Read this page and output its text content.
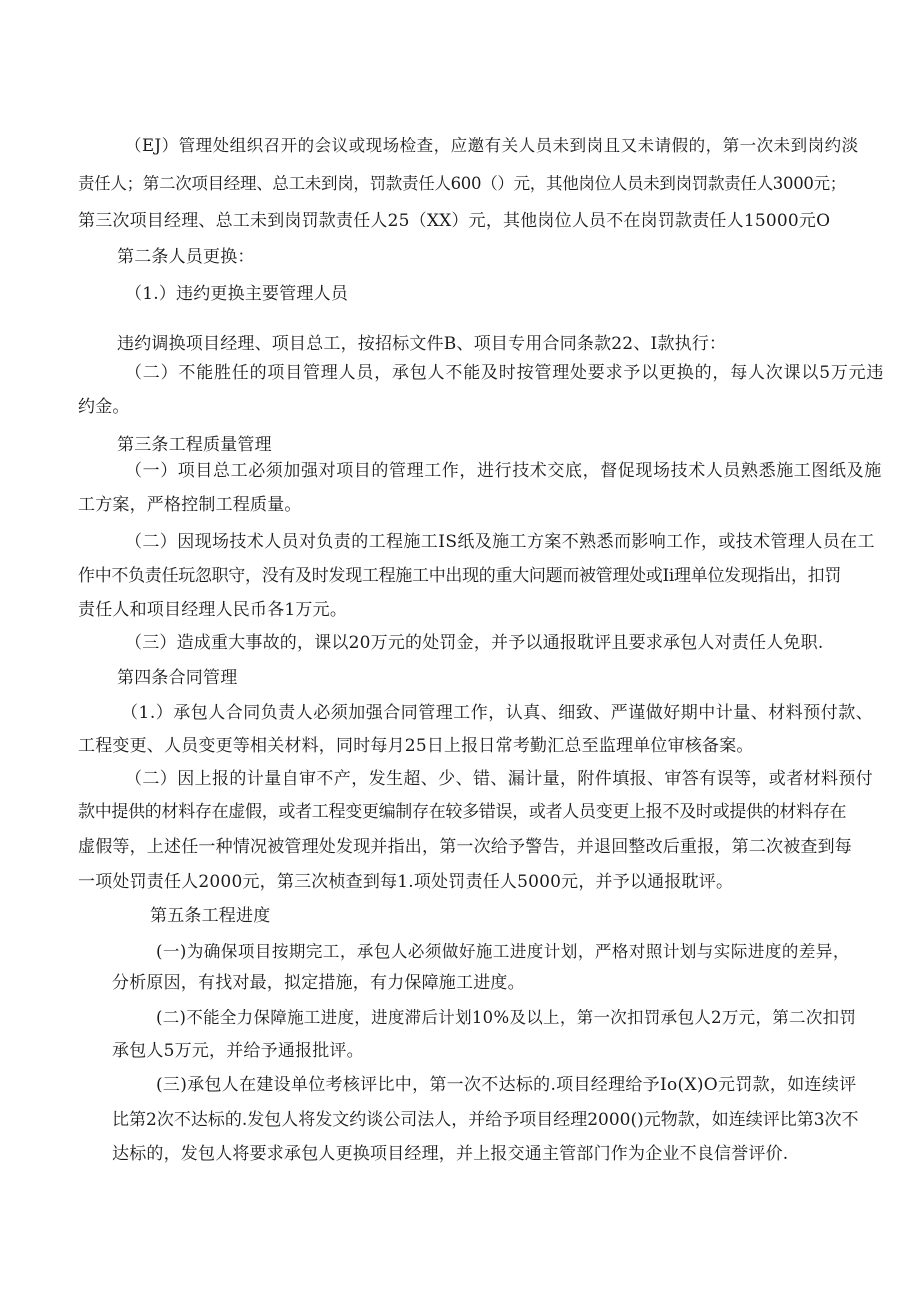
（EJ）管理处组织召开的会议或现场检查，应邀有关人员未到岗且又未请假的，第一次未到岗约淡
责任人；第二次项目经理、总工未到岗，罚款责任人600（）元，其他岗位人员未到岗罚款责任人3000元；
第三次项目经理、总工未到岗罚款责任人25（XX）元，其他岗位人员不在岗罚款责任人15000元O
第二条人员更换：
（1.）违约更换主要管理人员
违约调换项目经理、项目总工，按招标文件B、项目专用合同条款22、I款执行：
（二）不能胜任的项目管理人员，承包人不能及时按管理处要求予以更换的，每人次课以5万元违
约金。
第三条工程质量管理
（一）项目总工必须加强对项目的管理工作，进行技术交底，督促现场技术人员熟悉施工图纸及施
工方案，严格控制工程质量。
（二）因现场技术人员对负责的工程施工IS纸及施工方案不熟悉而影响工作，或技术管理人员在工
作中不负责任玩忽职守，没有及时发现工程施工中出现的重大问题而被管理处或Ii理单位发现指出，扣罚
责任人和项目经理人民币各1万元。
（三）造成重大事故的，课以20万元的处罚金，并予以通报耽评且要求承包人对责任人免职.
第四条合同管理
（1.）承包人合同负责人必须加强合同管理工作，认真、细致、严谨做好期中计量、材料预付款、
工程变更、人员变更等相关材料，同时每月25日上报日常考勤汇总至监理单位审核备案。
（二）因上报的计量自审不产，发生超、少、错、漏计量，附件填报、审答有误等，或者材料预付
款中提供的材料存在虚假，或者工程变更编制存在较多错误，或者人员变更上报不及时或提供的材料存在
虚假等，上述任一种情况被管理处发现并指出，第一次给予警告，并退回整改后重报，第二次被查到每
一项处罚责任人2000元，第三次桢查到每1.项处罚责任人5000元，并予以通报耽评。
第五条工程进度
(一)为确保项目按期完工，承包人必须做好施工进度计划，严格对照计划与实际进度的差异，
分析原因，有找对最，拟定措施，有力保障施工进度。
(二)不能全力保障施工进度，进度滞后计划10%及以上，第一次扣罚承包人2万元，第二次扣罚
承包人5万元，并给予通报批评。
(三)承包人在建设单位考核评比中，第一次不达标的.项目经理给予Io(X)O元罚款，如连续评
比第2次不达标的.发包人将发文约谈公司法人，并给予项目经理2000()元物款，如连续评比第3次不
达标的，发包人将要求承包人更换项目经理，并上报交通主管部门作为企业不良信誉评价.
